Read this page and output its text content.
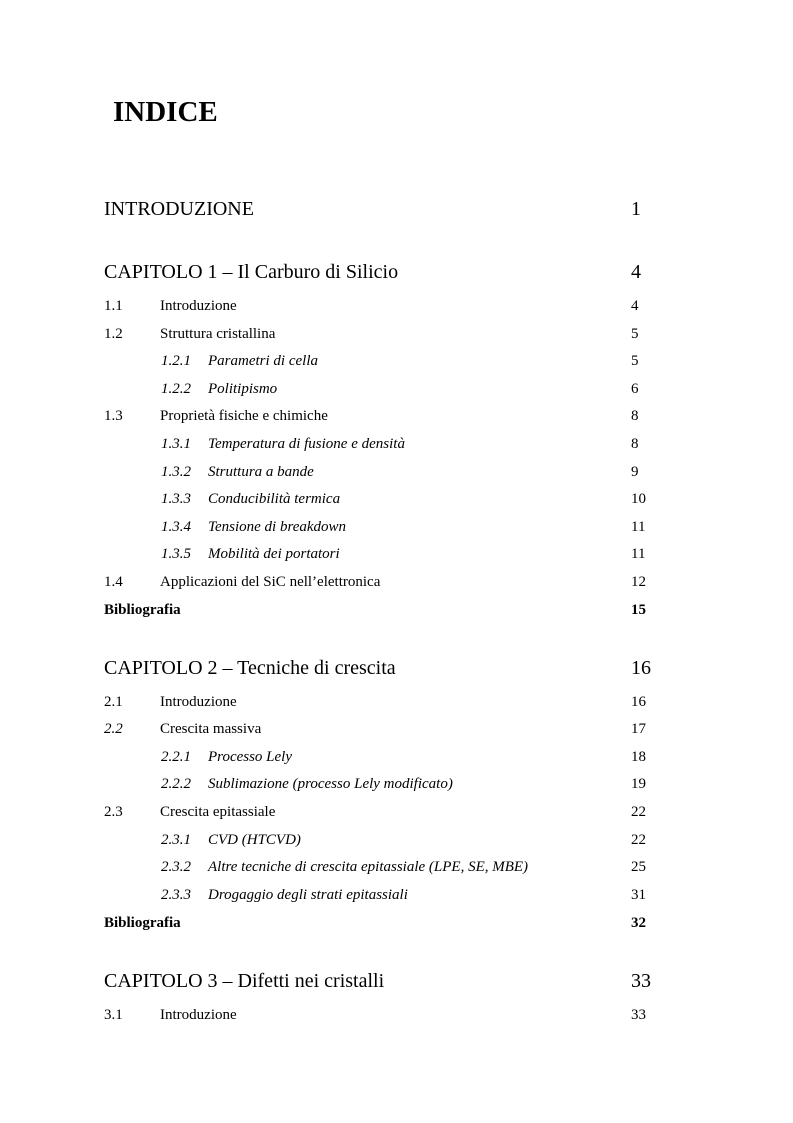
INDICE
INTRODUZIONE	1
CAPITOLO 1 – Il Carburo di Silicio	4
1.1 Introduzione	4
1.2 Struttura cristallina	5
1.2.1 Parametri di cella	5
1.2.2 Politipismo	6
1.3 Proprietà fisiche e chimiche	8
1.3.1 Temperatura di fusione e densità	8
1.3.2 Struttura a bande	9
1.3.3 Conducibilità termica	10
1.3.4 Tensione di breakdown	11
1.3.5 Mobilità dei portatori	11
1.4 Applicazioni del SiC nell’elettronica	12
Bibliografia	15
CAPITOLO 2 – Tecniche di crescita	16
2.1 Introduzione	16
2.2 Crescita massiva	17
2.2.1 Processo Lely	18
2.2.2 Sublimazione (processo Lely modificato)	19
2.3 Crescita epitassiale	22
2.3.1 CVD (HTCVD)	22
2.3.2 Altre tecniche di crescita epitassiale (LPE, SE, MBE)	25
2.3.3 Drogaggio degli strati epitassiali	31
Bibliografia	32
CAPITOLO 3 – Difetti nei cristalli	33
3.1 Introduzione	33
